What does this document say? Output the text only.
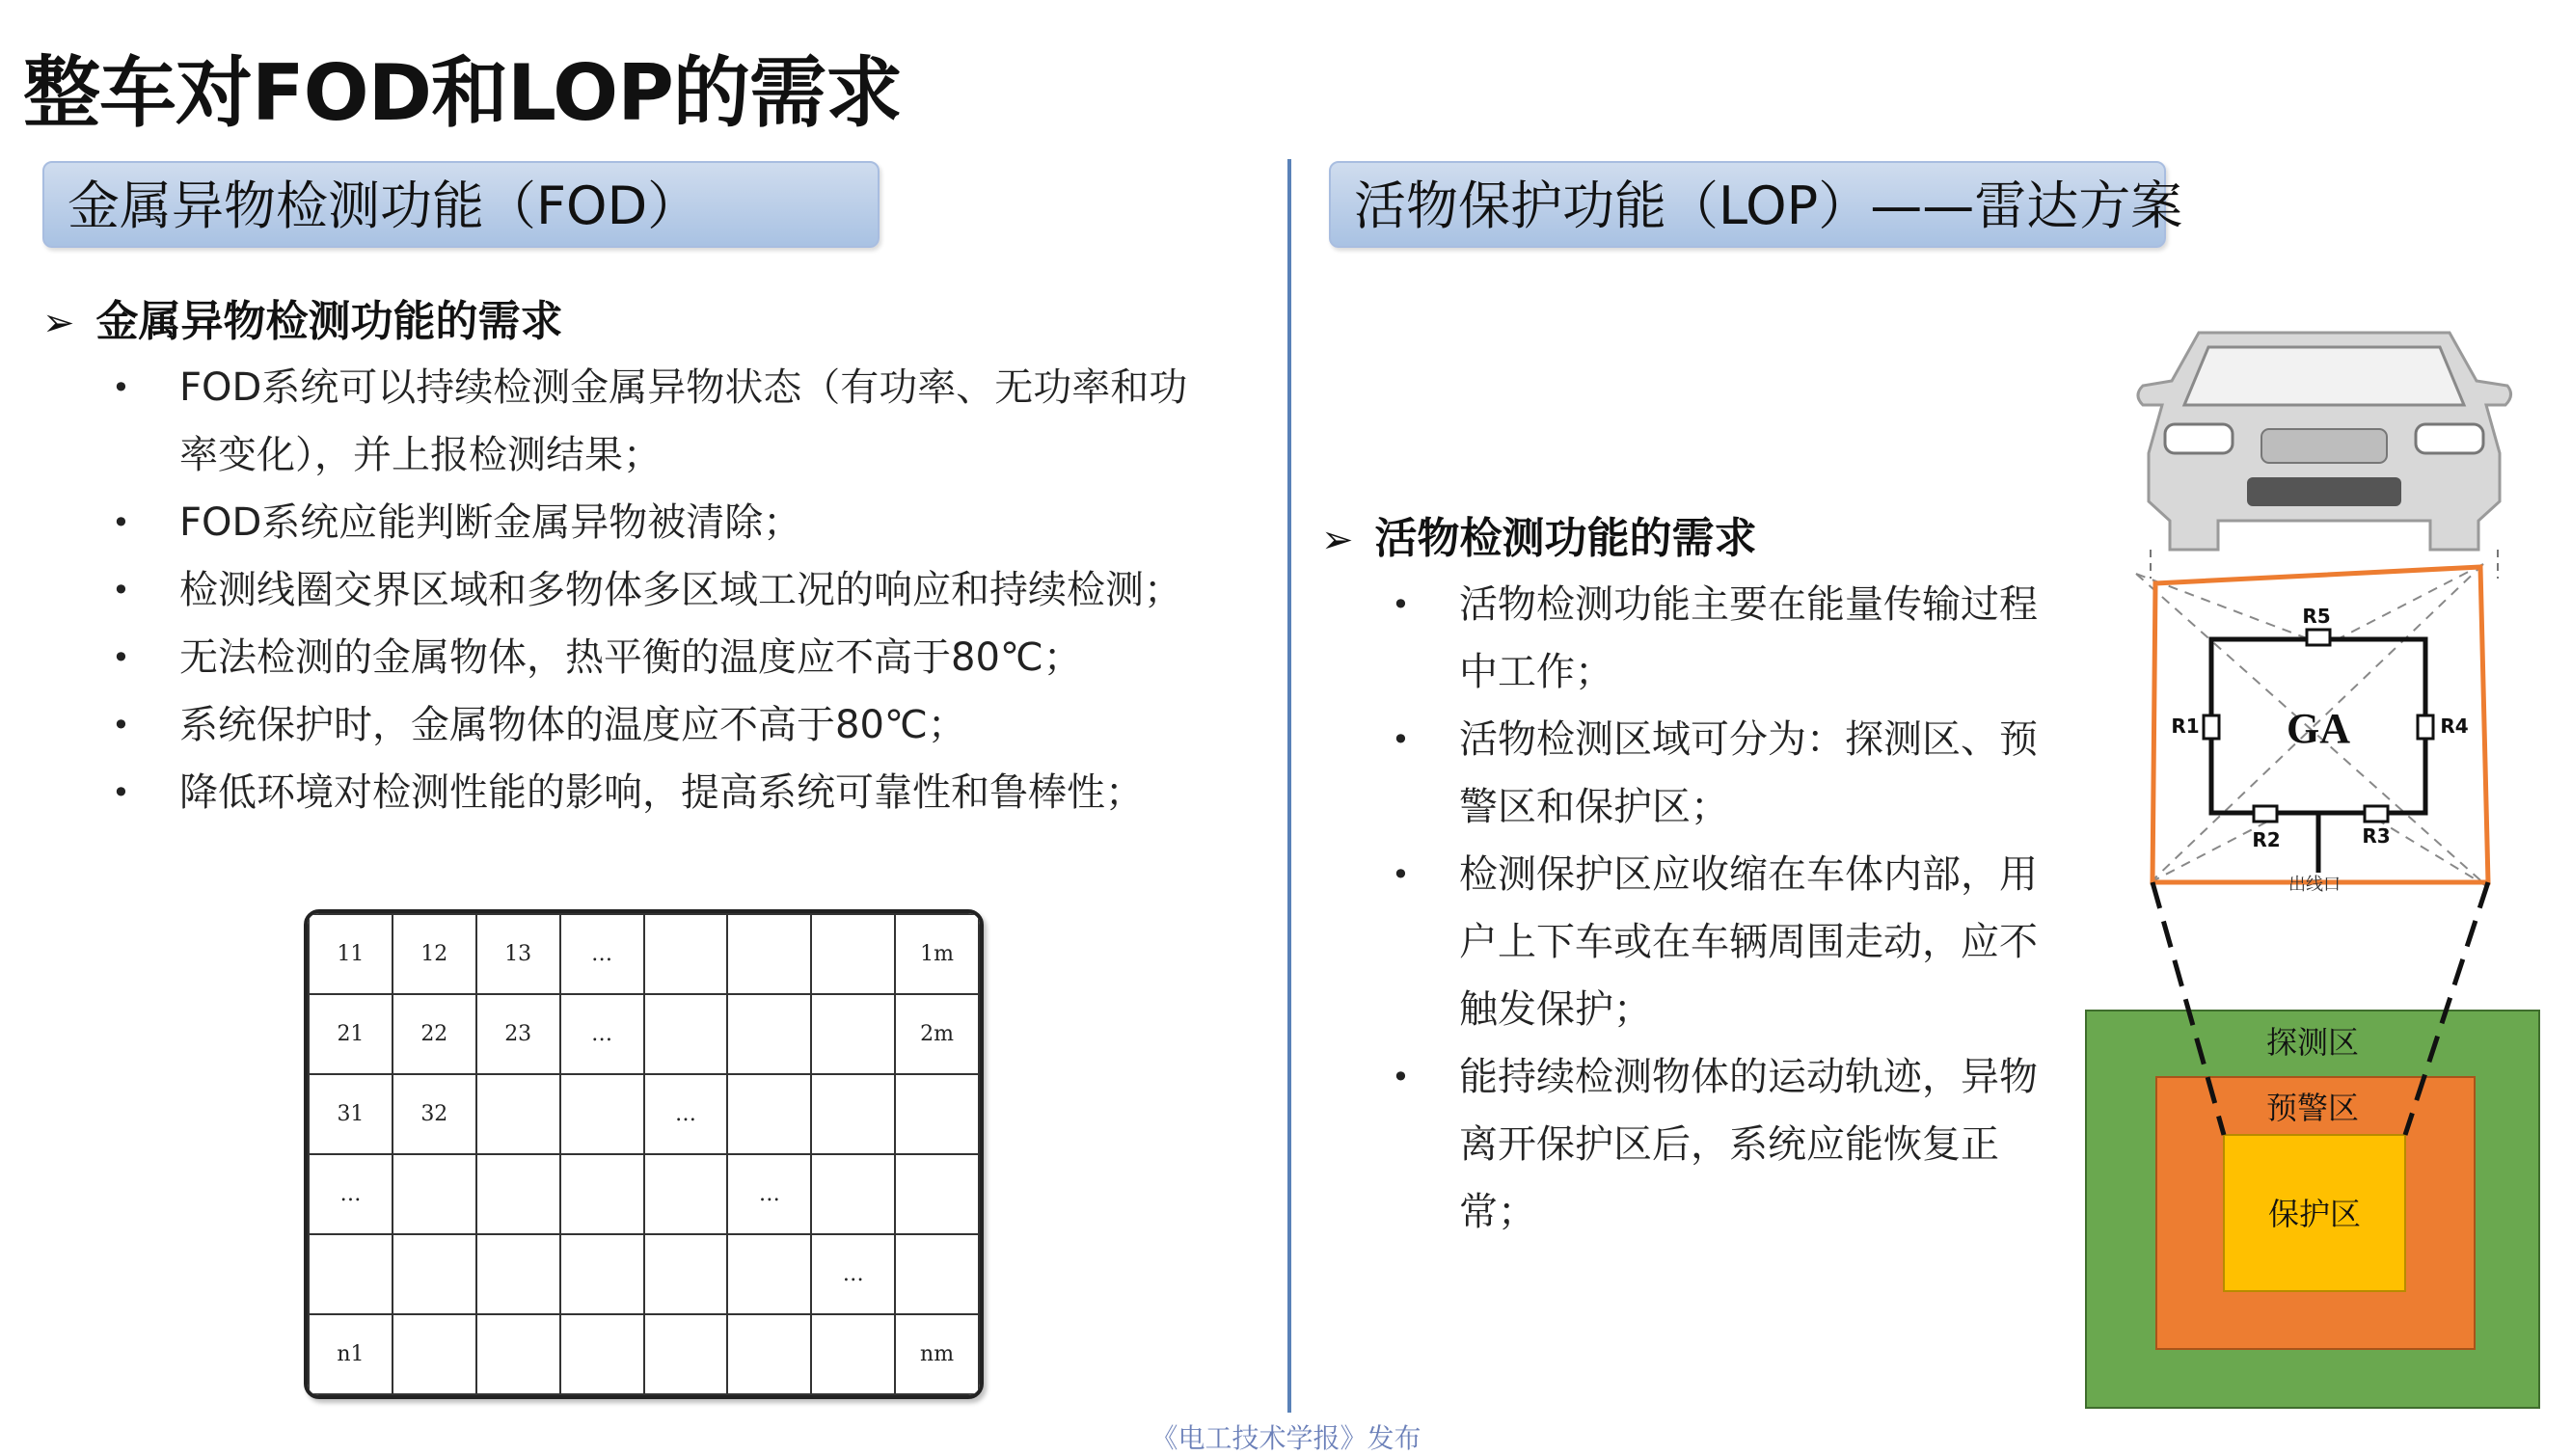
整车对FOD和LOP的需求
金属异物检测功能（FOD）
➢ 金属异物检测功能的需求
• FOD系统可以持续检测金属异物状态（有功率、无功率和功率变化），并上报检测结果；
• FOD系统应能判断金属异物被清除；
• 检测线圈交界区域和多物体多区域工况的响应和持续检测；
• 无法检测的金属物体，热平衡的温度应不高于80℃；
• 系统保护时，金属物体的温度应不高于80℃；
• 降低环境对检测性能的影响，提高系统可靠性和鲁棒性；
11	12	13	…				1m
21	22	23	…				2m
31	32			…			
…					…		
						…	
n1							nm
活物保护功能（LOP）——雷达方案
➢ 活物检测功能的需求
• 活物检测功能主要在能量传输过程中工作；
• 活物检测区域可分为：探测区、预警区和保护区；
• 检测保护区应收缩在车体内部，用户上下车或在车辆周围走动，应不触发保护；
• 能持续检测物体的运动轨迹，异物离开保护区后，系统应能恢复正常；
GA
出线口
R5
R1	R4
R2	R3
探测区
预警区
保护区
《电工技术学报》发布
